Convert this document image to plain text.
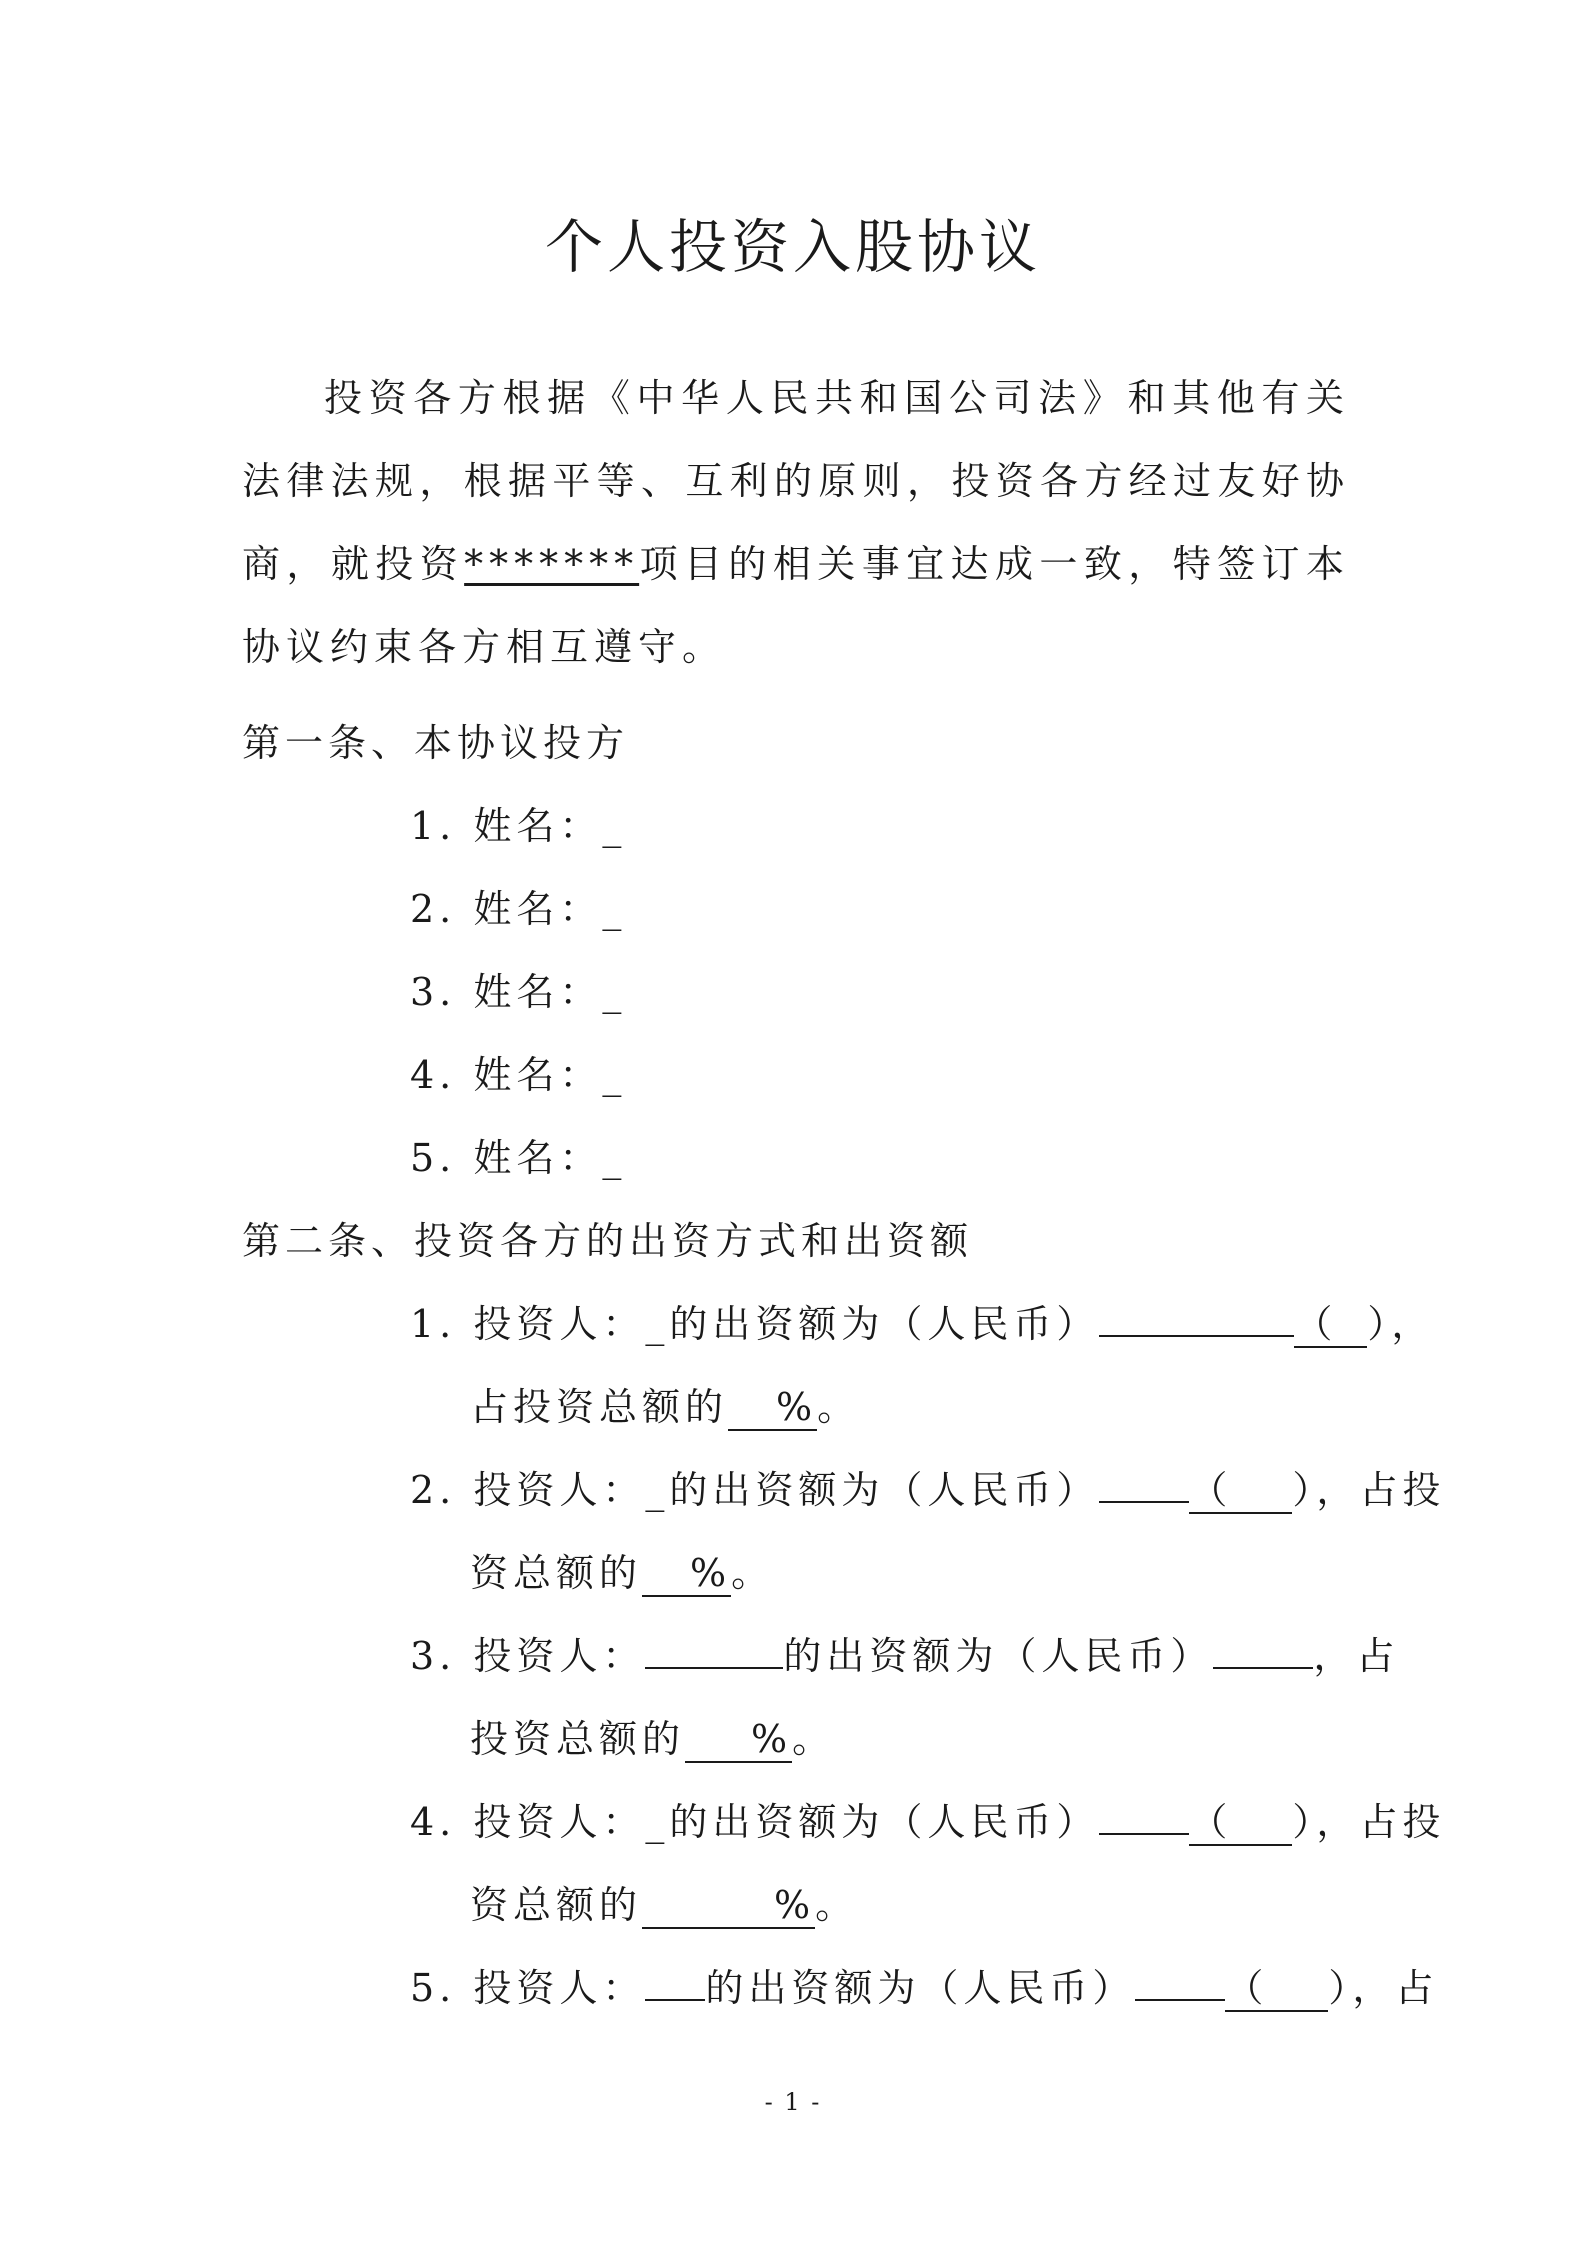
个人投资入股协议

投资各方根据《中华人民共和国公司法》和其他有关法律法规，根据平等、互利的原则，投资各方经过友好协商，就投资*******项目的相关事宜达成一致，特签订本协议约束各方相互遵守。

第一条、本协议投方
1. 姓名：_
2. 姓名：_
3. 姓名：_
4. 姓名：_
5. 姓名：_
第二条、投资各方的出资方式和出资额
1. 投资人：_的出资额为（人民币）	（ ），
占投资总额的 %。
2. 投资人：_的出资额为（人民币） （ ），占投
资总额的 %。
3. 投资人：	的出资额为（人民币）	，占
投资总额的 %。
4. 投资人：_的出资额为（人民币） （ ），占投
资总额的	%。
5. 投资人： 的出资额为（人民币） （ ），占
- 1 -
